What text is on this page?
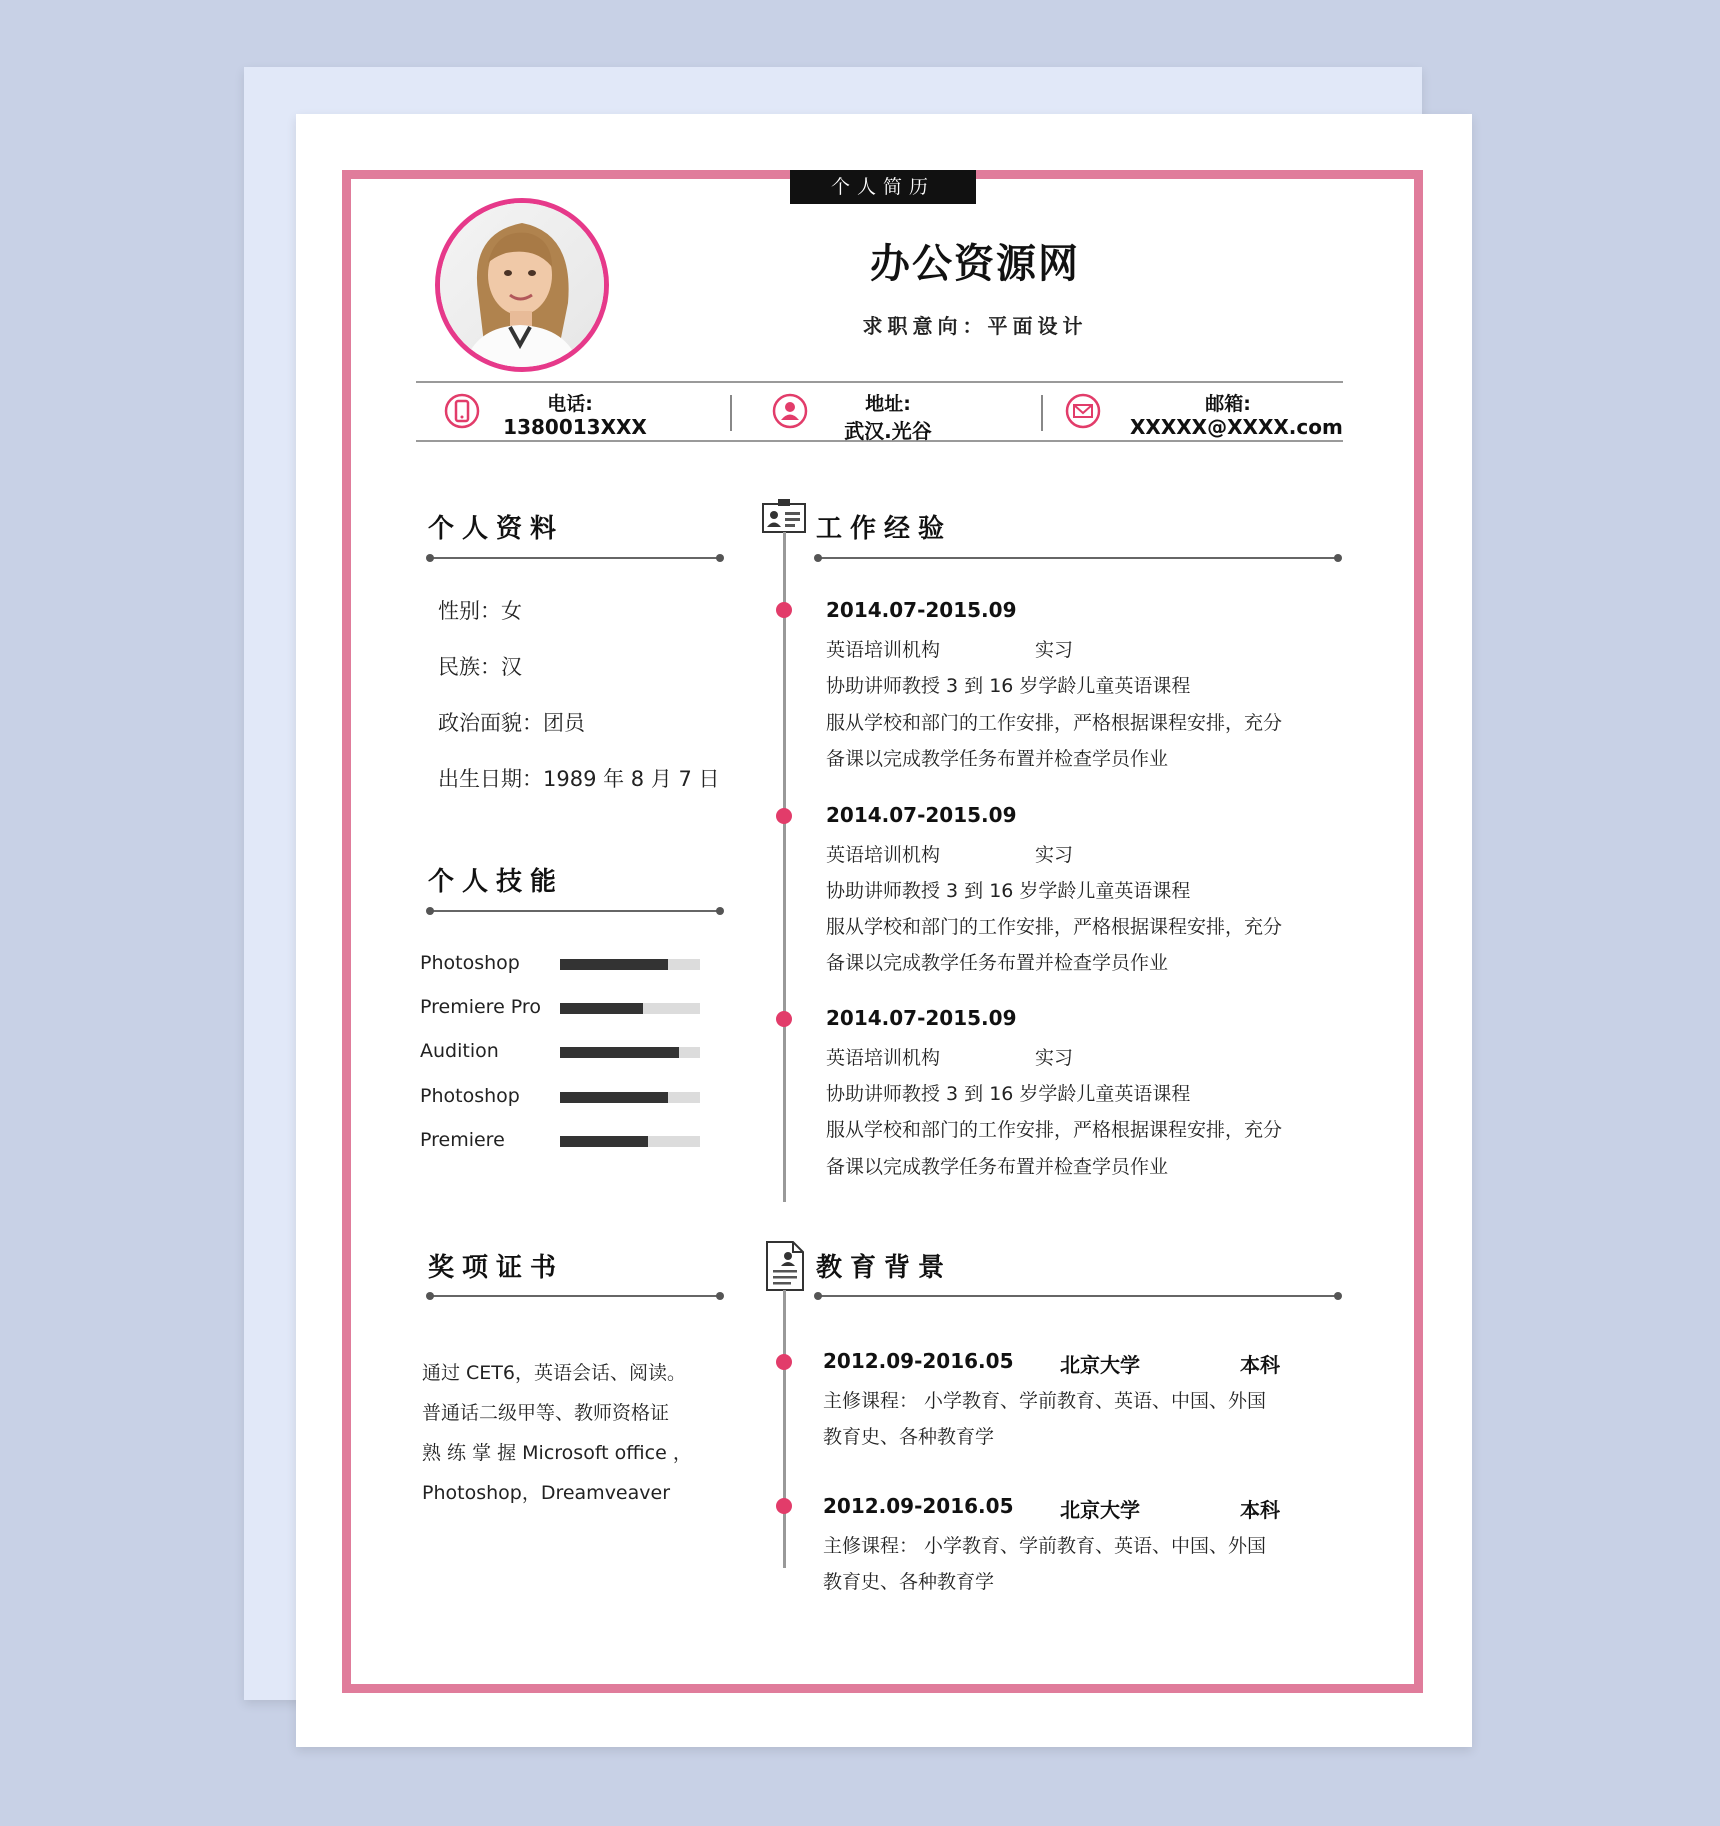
个人简历
办公资源网
求职意向：平面设计
电话:
1380013XXX
地址:
武汉.光谷
邮箱:
XXXXX@XXXX.com
个人资料
性别：女
民族：汉
政治面貌：团员
出生日期：1989 年 8 月 7 日
个人技能
Photoshop
Premiere Pro
Audition
Photoshop
Premiere
奖项证书
通过 CET6，英语会话、阅读。
普通话二级甲等、教师资格证
熟 练 掌 握 Microsoft office ，
Photoshop，Dreamveaver
工作经验
2014.07-2015.09
英语培训机构	实习
协助讲师教授 3 到 16 岁学龄儿童英语课程
服从学校和部门的工作安排，严格根据课程安排，充分
备课以完成教学任务布置并检查学员作业
2014.07-2015.09
英语培训机构	实习
协助讲师教授 3 到 16 岁学龄儿童英语课程
服从学校和部门的工作安排，严格根据课程安排，充分
备课以完成教学任务布置并检查学员作业
2014.07-2015.09
英语培训机构	实习
协助讲师教授 3 到 16 岁学龄儿童英语课程
服从学校和部门的工作安排，严格根据课程安排，充分
备课以完成教学任务布置并检查学员作业
教育背景
2012.09-2016.05 北京大学	本科
主修课程： 小学教育、学前教育、英语、中国、外国
教育史、各种教育学
2012.09-2016.05 北京大学	本科
主修课程： 小学教育、学前教育、英语、中国、外国
教育史、各种教育学
